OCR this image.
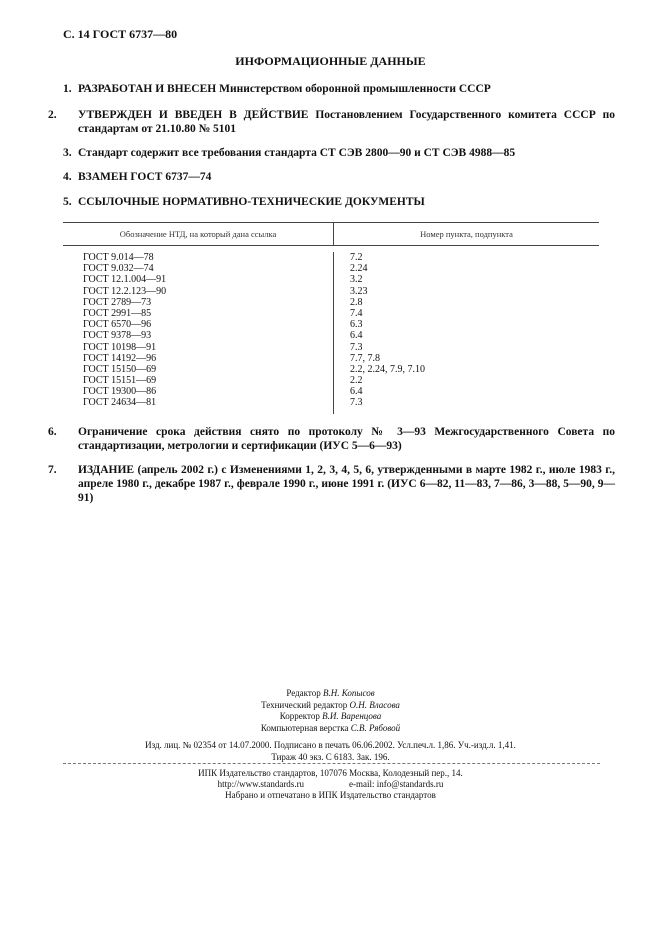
С. 14 ГОСТ 6737—80
ИНФОРМАЦИОННЫЕ ДАННЫЕ
1. РАЗРАБОТАН И ВНЕСЕН Министерством оборонной промышленности СССР
2. УТВЕРЖДЕН И ВВЕДЕН В ДЕЙСТВИЕ Постановлением Государственного комитета СССР по стандартам от 21.10.80 № 5101
3. Стандарт содержит все требования стандарта СТ СЭВ 2800—90 и СТ СЭВ 4988—85
4. ВЗАМЕН ГОСТ 6737—74
5. ССЫЛОЧНЫЕ НОРМАТИВНО-ТЕХНИЧЕСКИЕ ДОКУМЕНТЫ
Обозначение НТД, на который дана ссылка	Номер пункта, подпункта
ГОСТ 9.014—78
ГОСТ 9.032—74
ГОСТ 12.1.004—91
ГОСТ 12.2.123—90
ГОСТ 2789—73
ГОСТ 2991—85
ГОСТ 6570—96
ГОСТ 9378—93
ГОСТ 10198—91
ГОСТ 14192—96
ГОСТ 15150—69
ГОСТ 15151—69
ГОСТ 19300—86
ГОСТ 24634—81
7.2
2.24
3.2
3.23
2.8
7.4
6.3
6.4
7.3
7.7, 7.8
2.2, 2.24, 7.9, 7.10
2.2
6.4
7.3
6. Ограничение срока действия снято по протоколу № 3—93 Межгосударственного Совета по стандартизации, метрологии и сертификации (ИУС 5—6—93)
7. ИЗДАНИЕ (апрель 2002 г.) с Изменениями 1, 2, 3, 4, 5, 6, утвержденными в марте 1982 г., июле 1983 г., апреле 1980 г., декабре 1987 г., феврале 1990 г., июне 1991 г. (ИУС 6—82, 11—83, 7—86, 3—88, 5—90, 9—91)
Редактор В.Н. Копысов
Технический редактор О.Н. Власова
Корректор В.И. Варенцова
Компьютерная верстка С.В. Рябовой
Изд. лиц. № 02354 от 14.07.2000. Подписано в печать 06.06.2002. Усл.печ.л. 1,86. Уч.-изд.л. 1,41.
Тираж 40 экз. С 6183. Зак. 196.
ИПК Издательство стандартов, 107076 Москва, Колодезный пер., 14.
http://www.standards.ru                    e-mail: info@standards.ru
Набрано и отпечатано в ИПК Издательство стандартов
